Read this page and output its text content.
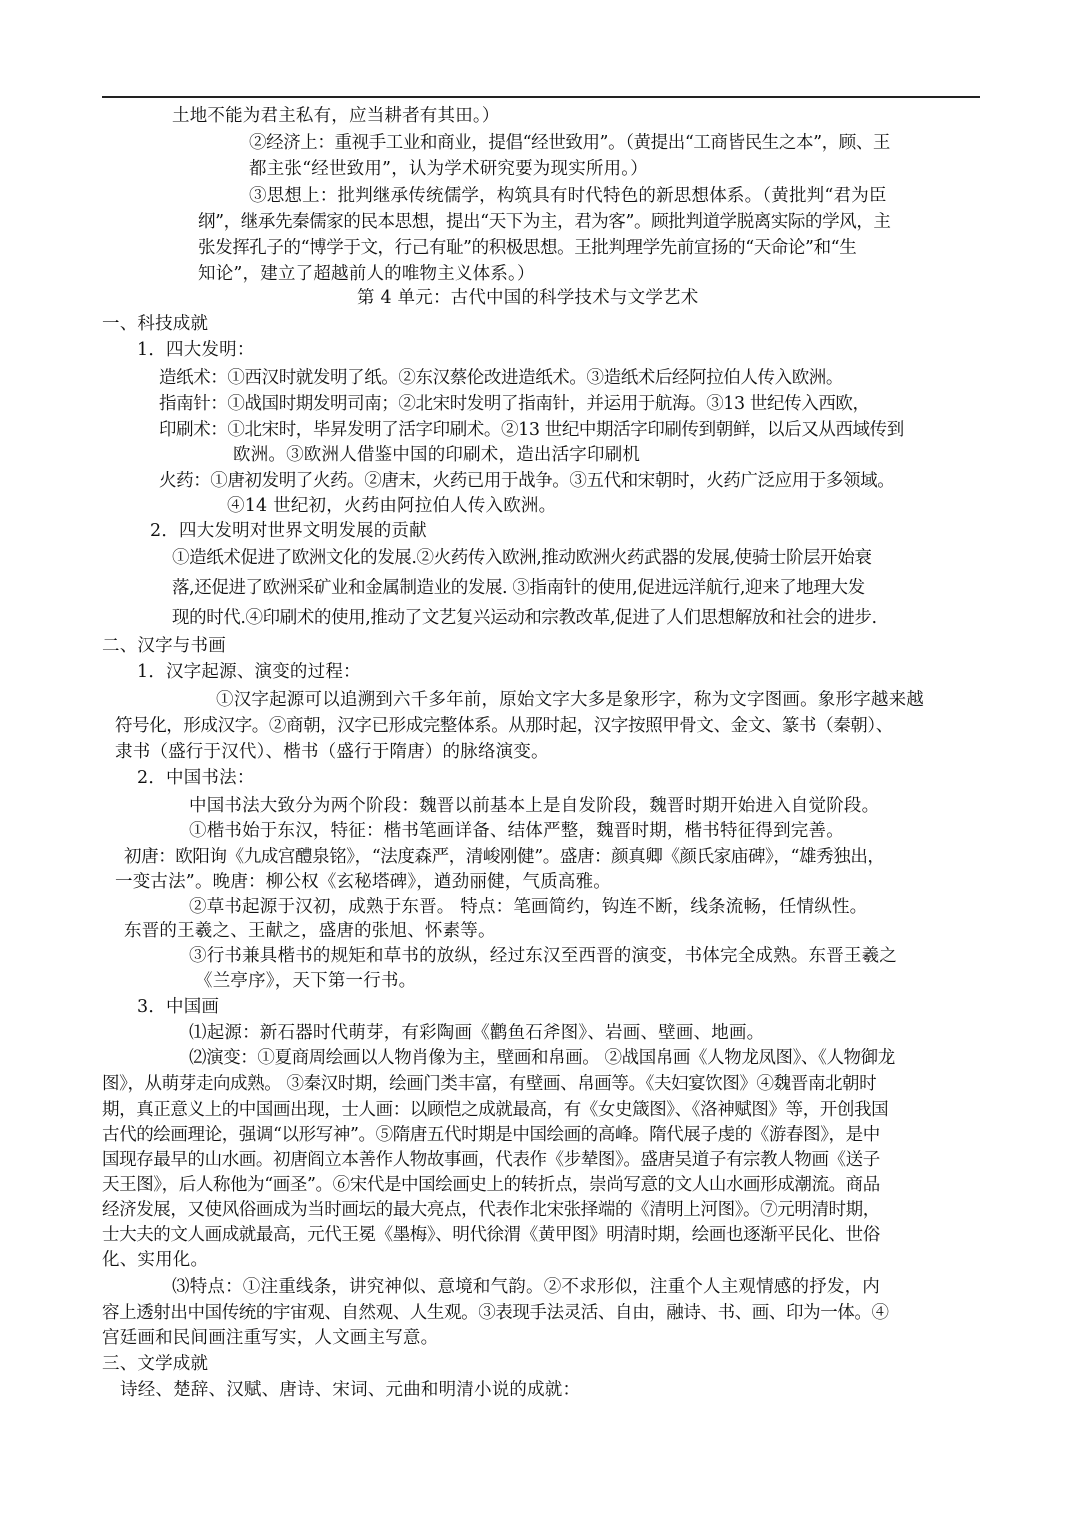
土地不能为君主私有，应当耕者有其田。）
②经济上：重视手工业和商业，提倡“经世致用”。（黄提出“工商皆民生之本”，顾、王
都主张“经世致用”，认为学术研究要为现实所用。）
③思想上：批判继承传统儒学，构筑具有时代特色的新思想体系。（黄批判“君为臣
纲”，继承先秦儒家的民本思想，提出“天下为主，君为客”。顾批判道学脱离实际的学风，主
张发挥孔子的“博学于文，行己有耻”的积极思想。王批判理学先前宣扬的“天命论”和“生
知论”，建立了超越前人的唯物主义体系。）
第 4 单元：古代中国的科学技术与文学艺术
一、科技成就
1．四大发明：
造纸术：①西汉时就发明了纸。②东汉蔡伦改进造纸术。③造纸术后经阿拉伯人传入欧洲。
指南针：①战国时期发明司南；②北宋时发明了指南针，并运用于航海。③13 世纪传入西欧，
印刷术：①北宋时，毕昇发明了活字印刷术。②13 世纪中期活字印刷传到朝鲜，以后又从西域传到
欧洲。③欧洲人借鉴中国的印刷术，造出活字印刷机
火药：①唐初发明了火药。②唐末，火药已用于战争。③五代和宋朝时，火药广泛应用于多领域。
④14 世纪初，火药由阿拉伯人传入欧洲。
2．四大发明对世界文明发展的贡献
①造纸术促进了欧洲文化的发展.②火药传入欧洲,推动欧洲火药武器的发展,使骑士阶层开始衰
落,还促进了欧洲采矿业和金属制造业的发展. ③指南针的使用,促进远洋航行,迎来了地理大发
现的时代.④印刷术的使用,推动了文艺复兴运动和宗教改革,促进了人们思想解放和社会的进步.
二、汉字与书画
1．汉字起源、演变的过程：
①汉字起源可以追溯到六千多年前，原始文字大多是象形字，称为文字图画。象形字越来越
符号化，形成汉字。②商朝，汉字已形成完整体系。从那时起，汉字按照甲骨文、金文、篆书（秦朝）、
隶书（盛行于汉代）、楷书（盛行于隋唐）的脉络演变。
2．中国书法：
中国书法大致分为两个阶段：魏晋以前基本上是自发阶段，魏晋时期开始进入自觉阶段。
①楷书始于东汉，特征：楷书笔画详备、结体严整，魏晋时期，楷书特征得到完善。
初唐：欧阳询《九成宫醴泉铭》，“法度森严，清峻刚健”。盛唐：颜真卿《颜氏家庙碑》，“雄秀独出，
一变古法”。晚唐：柳公权《玄秘塔碑》，遒劲丽健，气质高雅。
②草书起源于汉初，成熟于东晋。 特点：笔画简约，钩连不断，线条流畅，任情纵性。
东晋的王羲之、王献之，盛唐的张旭、怀素等。
③行书兼具楷书的规矩和草书的放纵，经过东汉至西晋的演变，书体完全成熟。东晋王羲之
《兰亭序》，天下第一行书。
3．中国画
⑴起源：新石器时代萌芽，有彩陶画《鹳鱼石斧图》、岩画、壁画、地画。
⑵演变：①夏商周绘画以人物肖像为主，壁画和帛画。 ②战国帛画《人物龙凤图》、《人物御龙
图》，从萌芽走向成熟。 ③秦汉时期，绘画门类丰富，有壁画、帛画等。《夫妇宴饮图》④魏晋南北朝时
期，真正意义上的中国画出现，士人画：以顾恺之成就最高，有《女史箴图》、《洛神赋图》等，开创我国
古代的绘画理论，强调“以形写神”。⑤隋唐五代时期是中国绘画的高峰。隋代展子虔的《游春图》，是中
国现存最早的山水画。初唐阎立本善作人物故事画，代表作《步辇图》。盛唐吴道子有宗教人物画《送子
天王图》，后人称他为“画圣”。⑥宋代是中国绘画史上的转折点，崇尚写意的文人山水画形成潮流。商品
经济发展，又使风俗画成为当时画坛的最大亮点，代表作北宋张择端的《清明上河图》。⑦元明清时期，
士大夫的文人画成就最高，元代王冕《墨梅》、明代徐渭《黄甲图》明清时期，绘画也逐渐平民化、世俗
化、实用化。
⑶特点：①注重线条，讲究神似、意境和气韵。②不求形似，注重个人主观情感的抒发，内
容上透射出中国传统的宇宙观、自然观、人生观。③表现手法灵活、自由，融诗、书、画、印为一体。④
宫廷画和民间画注重写实，人文画主写意。
三、文学成就
诗经、楚辞、汉赋、唐诗、宋词、元曲和明清小说的成就：
